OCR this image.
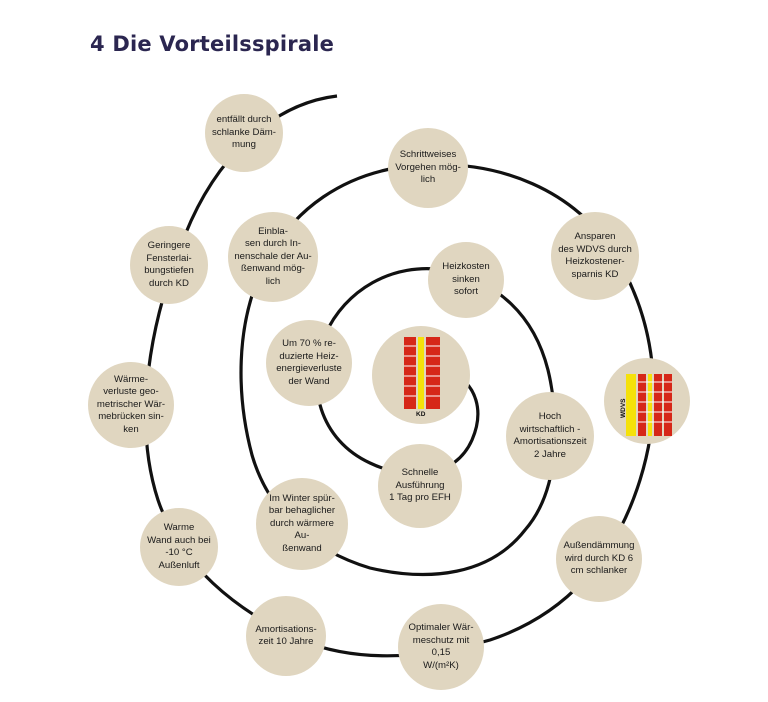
4 Die Vorteilsspirale
entfällt durch
schlanke Däm-
mung
Geringere
Fensterlai-
bungstiefen
durch KD
Wärme-
verluste geo-
metrischer Wär-
mebrücken sin-
ken
Warme
Wand auch bei
-10 °C Außenluft
Amortisations-
zeit 10 Jahre
Optimaler Wär-
meschutz mit 0,15
W/(m²K)
Schrittweises
Vorgehen mög-
lich
Ansparen
des WDVS durch
Heizkostener-
sparnis KD
Außendämmung
wird durch KD 6
cm schlanker
WDVS
Einbla-
sen durch In-
nenschale der Au-
ßenwand mög-
lich
Heizkosten
sinken
sofort
Um 70 % re-
duzierte Heiz-
energieverluste
der Wand
Hoch
wirtschaftlich -
Amortisationszeit
2 Jahre
Schnelle
Ausführung
1 Tag pro EFH
Im Winter spür-
bar behaglicher
durch wärmere Au-
ßenwand
KD
